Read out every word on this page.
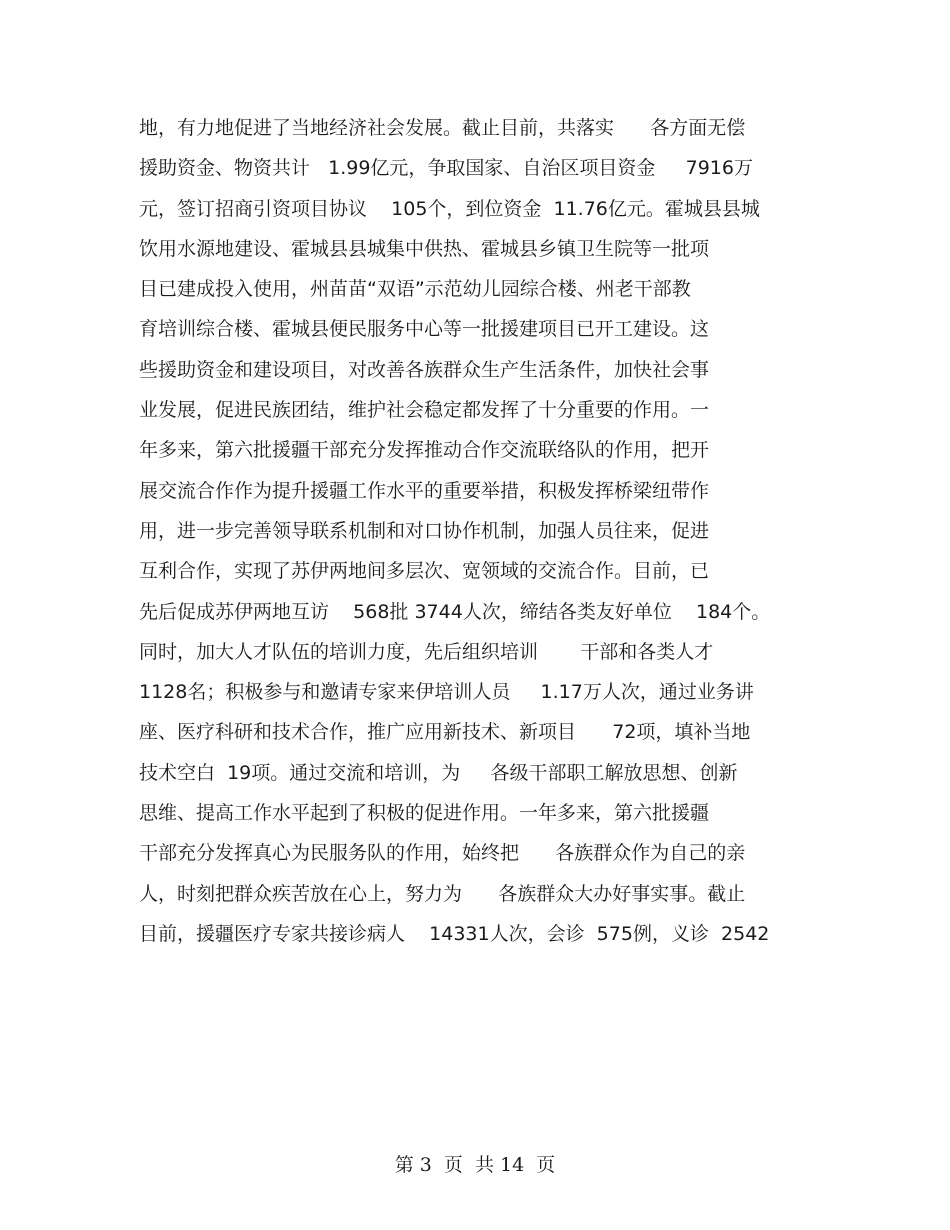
地，有力地促进了当地经济社会发展。截止目前，共落实      各方面无偿
援助资金、物资共计   1.99亿元，争取国家、自治区项目资金     7916万
元，签订招商引资项目协议    105个，到位资金  11.76亿元。霍城县县城
饮用水源地建设、霍城县县城集中供热、霍城县乡镇卫生院等一批项
目已建成投入使用，州苗苗“双语”示范幼儿园综合楼、州老干部教
育培训综合楼、霍城县便民服务中心等一批援建项目已开工建设。这
些援助资金和建设项目，对改善各族群众生产生活条件，加快社会事
业发展，促进民族团结，维护社会稳定都发挥了十分重要的作用。一
年多来，第六批援疆干部充分发挥推动合作交流联络队的作用，把开
展交流合作作为提升援疆工作水平的重要举措，积极发挥桥梁纽带作
用，进一步完善领导联系机制和对口协作机制，加强人员往来，促进
互利合作，实现了苏伊两地间多层次、宽领域的交流合作。目前，已
先后促成苏伊两地互访    568批 3744人次，缔结各类友好单位    184个。
同时，加大人才队伍的培训力度，先后组织培训       干部和各类人才
1128名；积极参与和邀请专家来伊培训人员     1.17万人次，通过业务讲
座、医疗科研和技术合作，推广应用新技术、新项目      72项，填补当地
技术空白  19项。通过交流和培训，为     各级干部职工解放思想、创新
思维、提高工作水平起到了积极的促进作用。一年多来，第六批援疆
干部充分发挥真心为民服务队的作用，始终把      各族群众作为自己的亲
人，时刻把群众疾苦放在心上，努力为      各族群众大办好事实事。截止
目前，援疆医疗专家共接诊病人    14331人次，会诊  575例，义诊  2542
第 3  页  共 14  页
